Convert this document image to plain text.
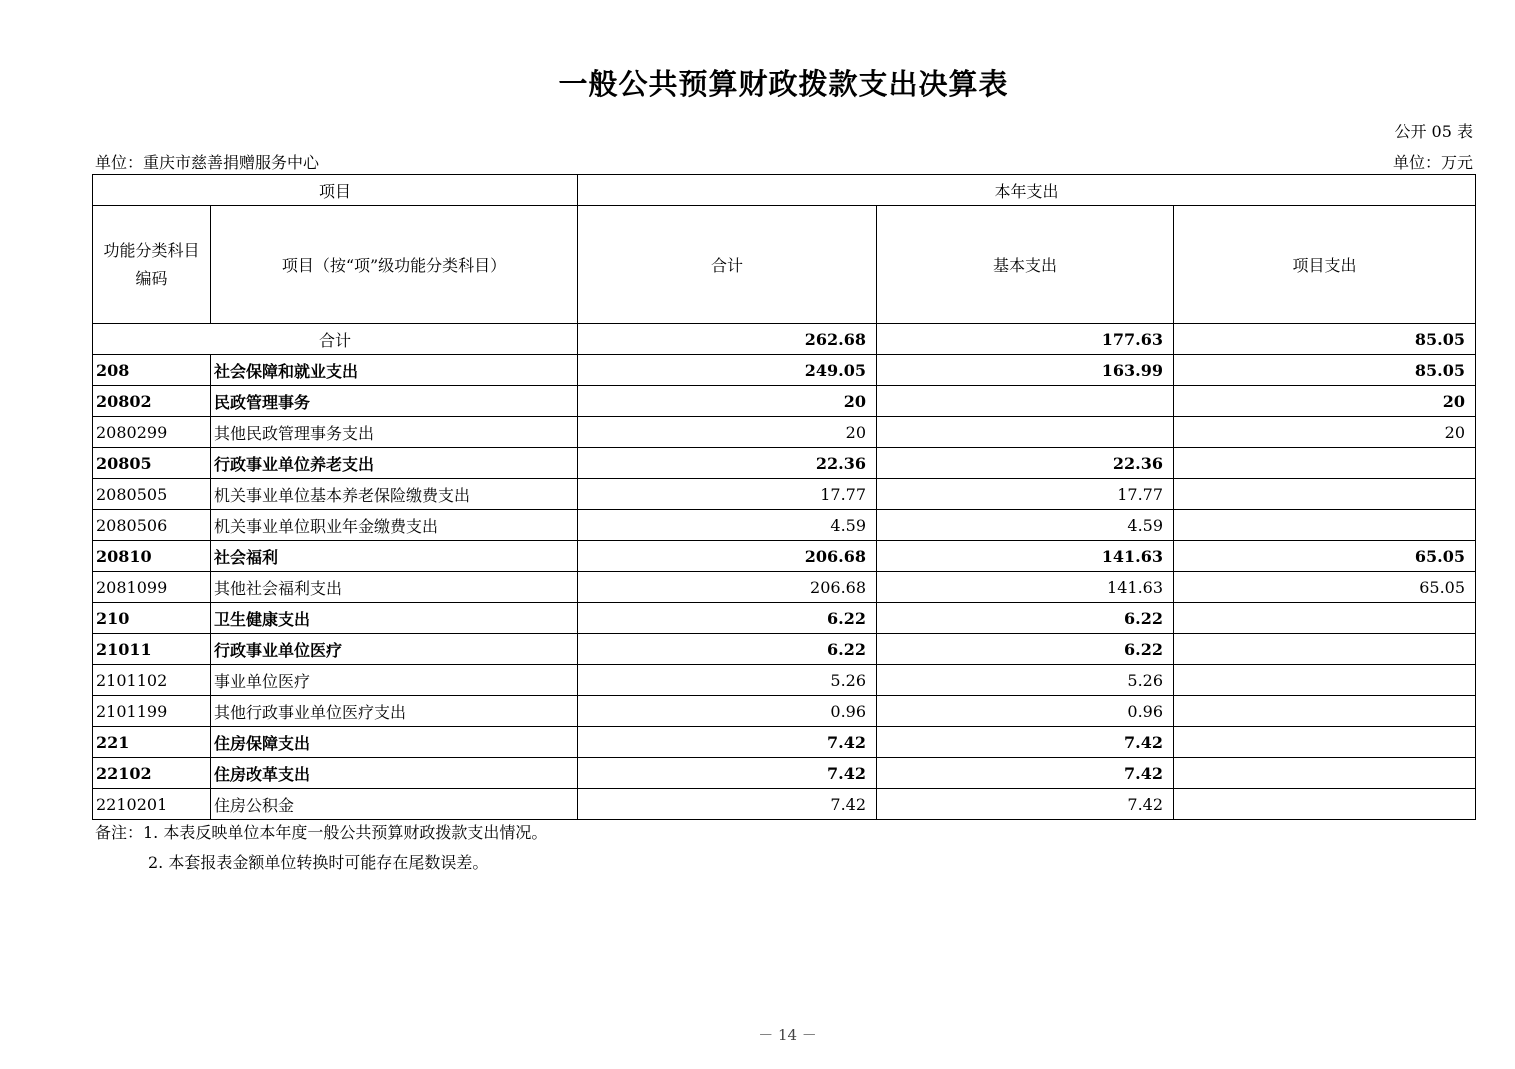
一般公共预算财政拨款支出决算表
公开 05 表
单位：重庆市慈善捐赠服务中心	单位：万元
项目		本年支出		
功能分类科目编码	项目（按“项”级功能分类科目）	合计	基本支出	项目支出
合计		262.68	177.63	85.05
208	社会保障和就业支出	249.05	163.99	85.05
20802	民政管理事务	20		20
2080299	其他民政管理事务支出	20		20
20805	行政事业单位养老支出	22.36	22.36	
2080505	机关事业单位基本养老保险缴费支出	17.77	17.77	
2080506	机关事业单位职业年金缴费支出	4.59	4.59	
20810	社会福利	206.68	141.63	65.05
2081099	其他社会福利支出	206.68	141.63	65.05
210	卫生健康支出	6.22	6.22	
21011	行政事业单位医疗	6.22	6.22	
2101102	事业单位医疗	5.26	5.26	
2101199	其他行政事业单位医疗支出	0.96	0.96	
221	住房保障支出	7.42	7.42	
22102	住房改革支出	7.42	7.42	
2210201	住房公积金	7.42	7.42	
备注：1. 本表反映单位本年度一般公共预算财政拨款支出情况。
2. 本套报表金额单位转换时可能存在尾数误差。
－ 14 －
